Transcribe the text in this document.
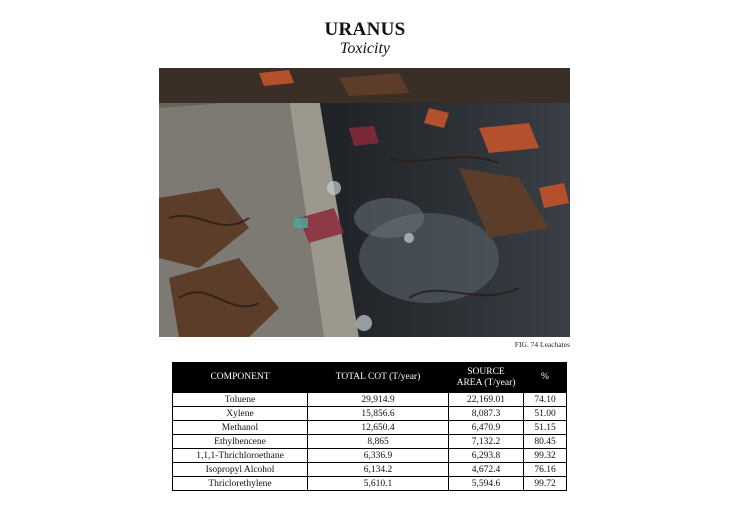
URANUS
Toxicity
FIG. 74 Leachates
COMPONENT	TOTAL COT (T/year)	SOURCE AREA (T/year)	%
Toluene	29,914.9	22,169.01	74.10
Xylene	15,856.6	8,087.3	51.00
Methanol	12,650.4	6,470.9	51.15
Ethylbencene	8,865	7,132.2	80.45
1,1,1-Thrichloroethane	6,336.9	6,293.8	99.32
Isopropyl Alcohol	6,134.2	4,672.4	76.16
Thriclorethylene	5,610.1	5,594.6	99.72
